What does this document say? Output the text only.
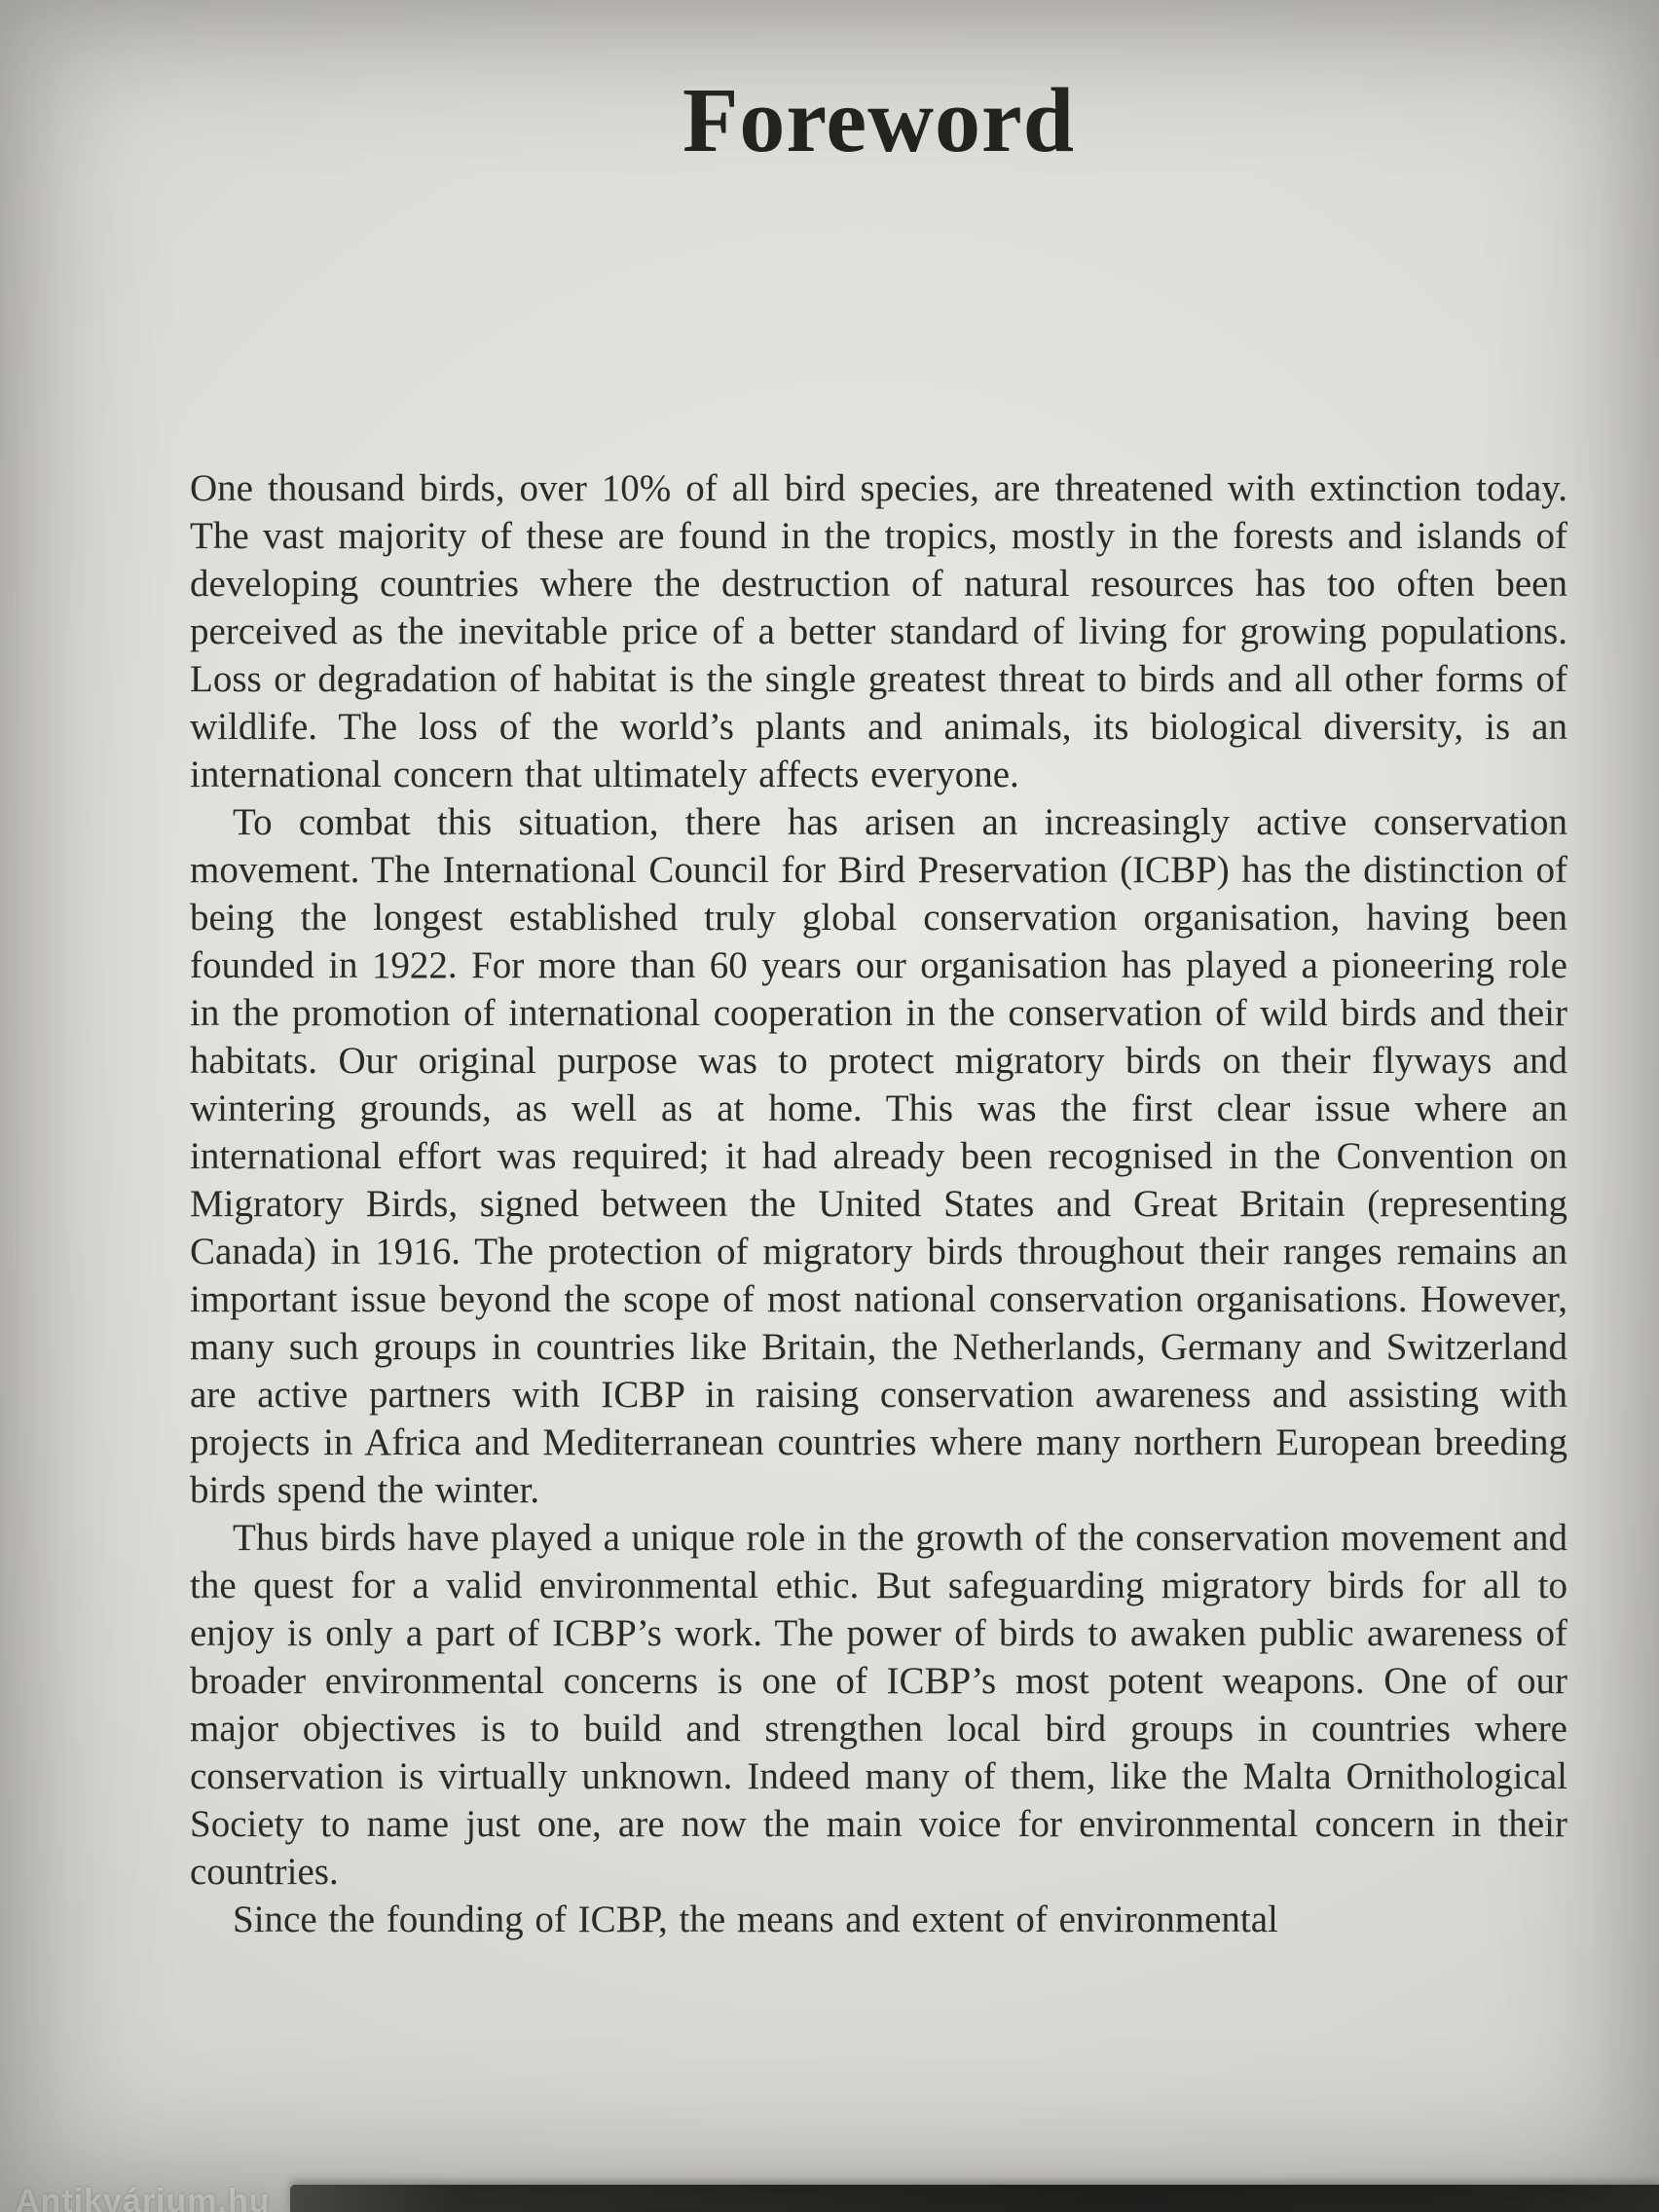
Foreword

One thousand birds, over 10% of all bird species, are threatened with extinction today. The vast majority of these are found in the tropics, mostly in the forests and islands of developing countries where the destruction of natural resources has too often been perceived as the inevitable price of a better standard of living for growing populations. Loss or degradation of habitat is the single greatest threat to birds and all other forms of wildlife. The loss of the world’s plants and animals, its biological diversity, is an international concern that ultimately affects everyone.

To combat this situation, there has arisen an increasingly active conservation movement. The International Council for Bird Preservation (ICBP) has the distinction of being the longest established truly global conservation organisation, having been founded in 1922. For more than 60 years our organisation has played a pioneering role in the promotion of international cooperation in the conservation of wild birds and their habitats. Our original purpose was to protect migratory birds on their flyways and wintering grounds, as well as at home. This was the first clear issue where an international effort was required; it had already been recognised in the Convention on Migratory Birds, signed between the United States and Great Britain (representing Canada) in 1916. The protection of migratory birds throughout their ranges remains an important issue beyond the scope of most national conservation organisations. However, many such groups in countries like Britain, the Netherlands, Germany and Switzerland are active partners with ICBP in raising conservation awareness and assisting with projects in Africa and Mediterranean countries where many northern European breeding birds spend the winter.

Thus birds have played a unique role in the growth of the conservation movement and the quest for a valid environmental ethic. But safeguarding migratory birds for all to enjoy is only a part of ICBP’s work. The power of birds to awaken public awareness of broader environmental concerns is one of ICBP’s most potent weapons. One of our major objectives is to build and strengthen local bird groups in countries where conservation is virtually unknown. Indeed many of them, like the Malta Ornithological Society to name just one, are now the main voice for environmental concern in their countries.

Since the founding of ICBP, the means and extent of environmental

Antikvárium.hu
